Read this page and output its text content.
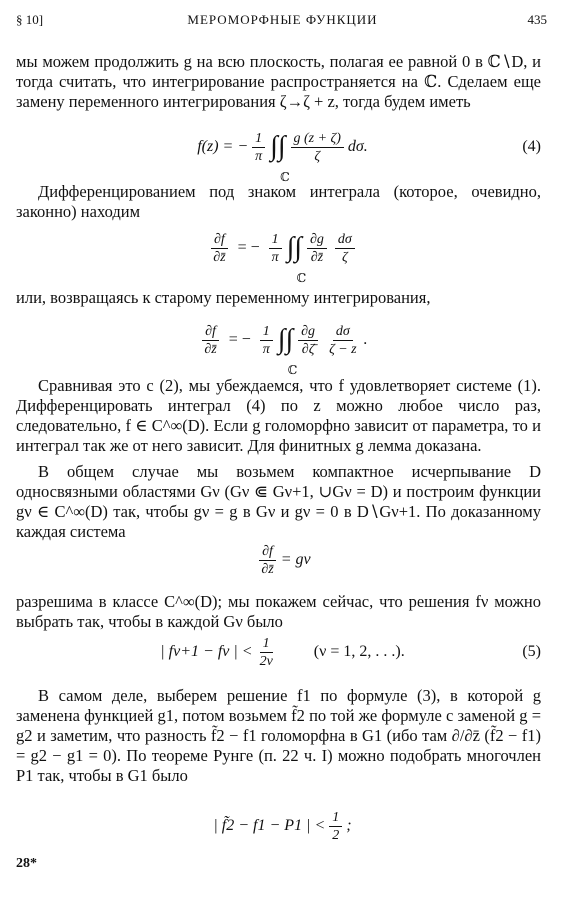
§ 10]	МЕРОМОРФНЫЕ ФУНКЦИИ	435
мы можем продолжить g на всю плоскость, полагая ее равной 0 в ℂ∖D, и тогда считать, что интегрирование распространяется на ℂ. Сделаем еще замену переменного интегрирования ζ→ζ + z, тогда будем иметь
f(z) = − $\frac{1}{\pi}$ ∫∫
ℂ
$\frac{g (z + \zeta)}{\zeta} d\sigma$.	(4)
Дифференцированием под знаком интеграла (которое, очевидно, законно) находим
$\frac{\partial f}{\partial z̄}$ = − $\frac{1}{\pi}$ ∫∫
ℂ
$\frac{\partial g}{\partial z̄} \frac{d\sigma}{\zeta}$
или, возвращаясь к старому переменному интегрирования,
$\frac{\partial f}{\partial z̄}$ = − $\frac{1}{\pi}$ ∫∫
ℂ
$\frac{\partial g}{\partial\zetā} \frac{d\sigma}{\zeta - z}$ .
Сравнивая это с (2), мы убеждаемся, что f удовлетворяет системе (1). Дифференцировать интеграл (4) по z можно любое число раз, следовательно, f ∈ C^∞(D). Если g голоморфно зависит от параметра, то и интеграл так же от него зависит. Для финитных g лемма доказана.
В общем случае мы возьмем компактное исчерпывание D односвязными областями Gν (Gν ⋐ Gν+1, ∪Gν = D) и построим функции gν ∈ C^∞(D) так, чтобы gν = g в Gν и gν = 0 в D∖Gν+1. По доказанному каждая система
$\frac{\partial f}{\partial z̄} = g\nu$
разрешима в классе C^∞(D); мы покажем сейчас, что решения fν можно выбрать так, чтобы в каждой Gν было
| fν+1 − fν | < $\frac{1}{2\nu} (\nu = 1$, 2, . . .).	(5)
В самом деле, выберем решение f1 по формуле (3), в которой g заменена функцией g1, потом возьмем f̃2 по той же формуле с заменой g = g2 и заметим, что разность f̃2 − f1 голоморфна в G1 (ибо там ∂/∂z̄ (f̃2 − f1) = g2 − g1 = 0). По теореме Рунге (п. 22 ч. I) можно подобрать многочлен P1 так, чтобы в G1 было
| f̃2 − f1 − P1 | < $\frac{1}{2}$ ;
28*
